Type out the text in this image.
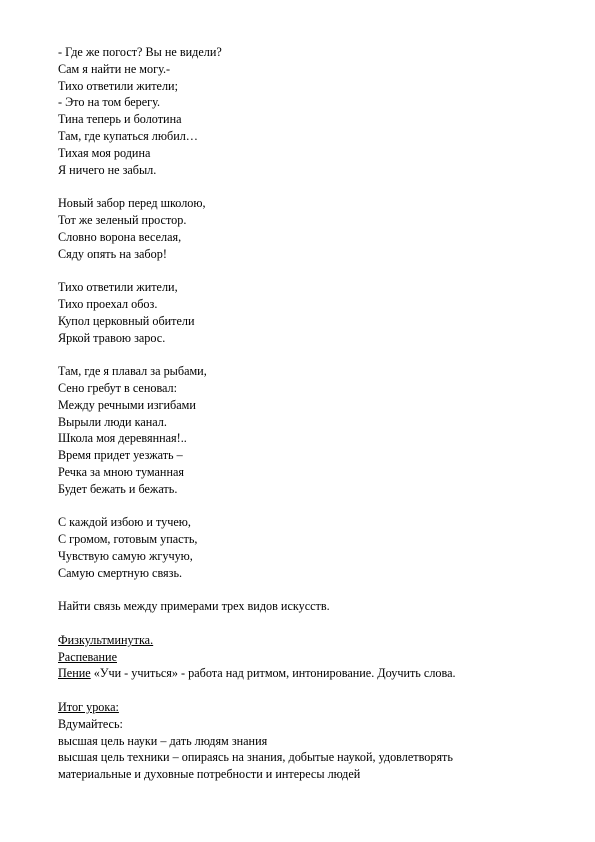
- Где же погост? Вы не видели?
Сам я найти не могу.-
Тихо ответили жители;
- Это на том берегу.
Тина теперь и болотина
Там, где купаться любил…
Тихая моя родина
Я ничего не забыл.
Новый забор перед школою,
Тот же зеленый простор.
Словно ворона веселая,
Сяду опять на забор!
Тихо ответили жители,
Тихо проехал обоз.
Купол церковный обители
Яркой травою зарос.
Там, где я плавал за рыбами,
Сено гребут в сеновал:
Между речными изгибами
Вырыли люди канал.
Школа моя деревянная!..
Время придет уезжать –
Речка за мною туманная
Будет бежать и бежать.
С каждой избою и тучею,
С громом, готовым упасть,
Чувствую самую жгучую,
Самую смертную связь.
Найти связь между примерами трех видов искусств.
Физкультминутка.
Распевание
Пение «Учи - учиться» - работа над ритмом, интонирование. Доучить слова.
Итог урока:
Вдумайтесь:
высшая цель науки – дать людям знания
высшая цель техники – опираясь на знания, добытые наукой, удовлетворять
материальные и духовные потребности и интересы людей
